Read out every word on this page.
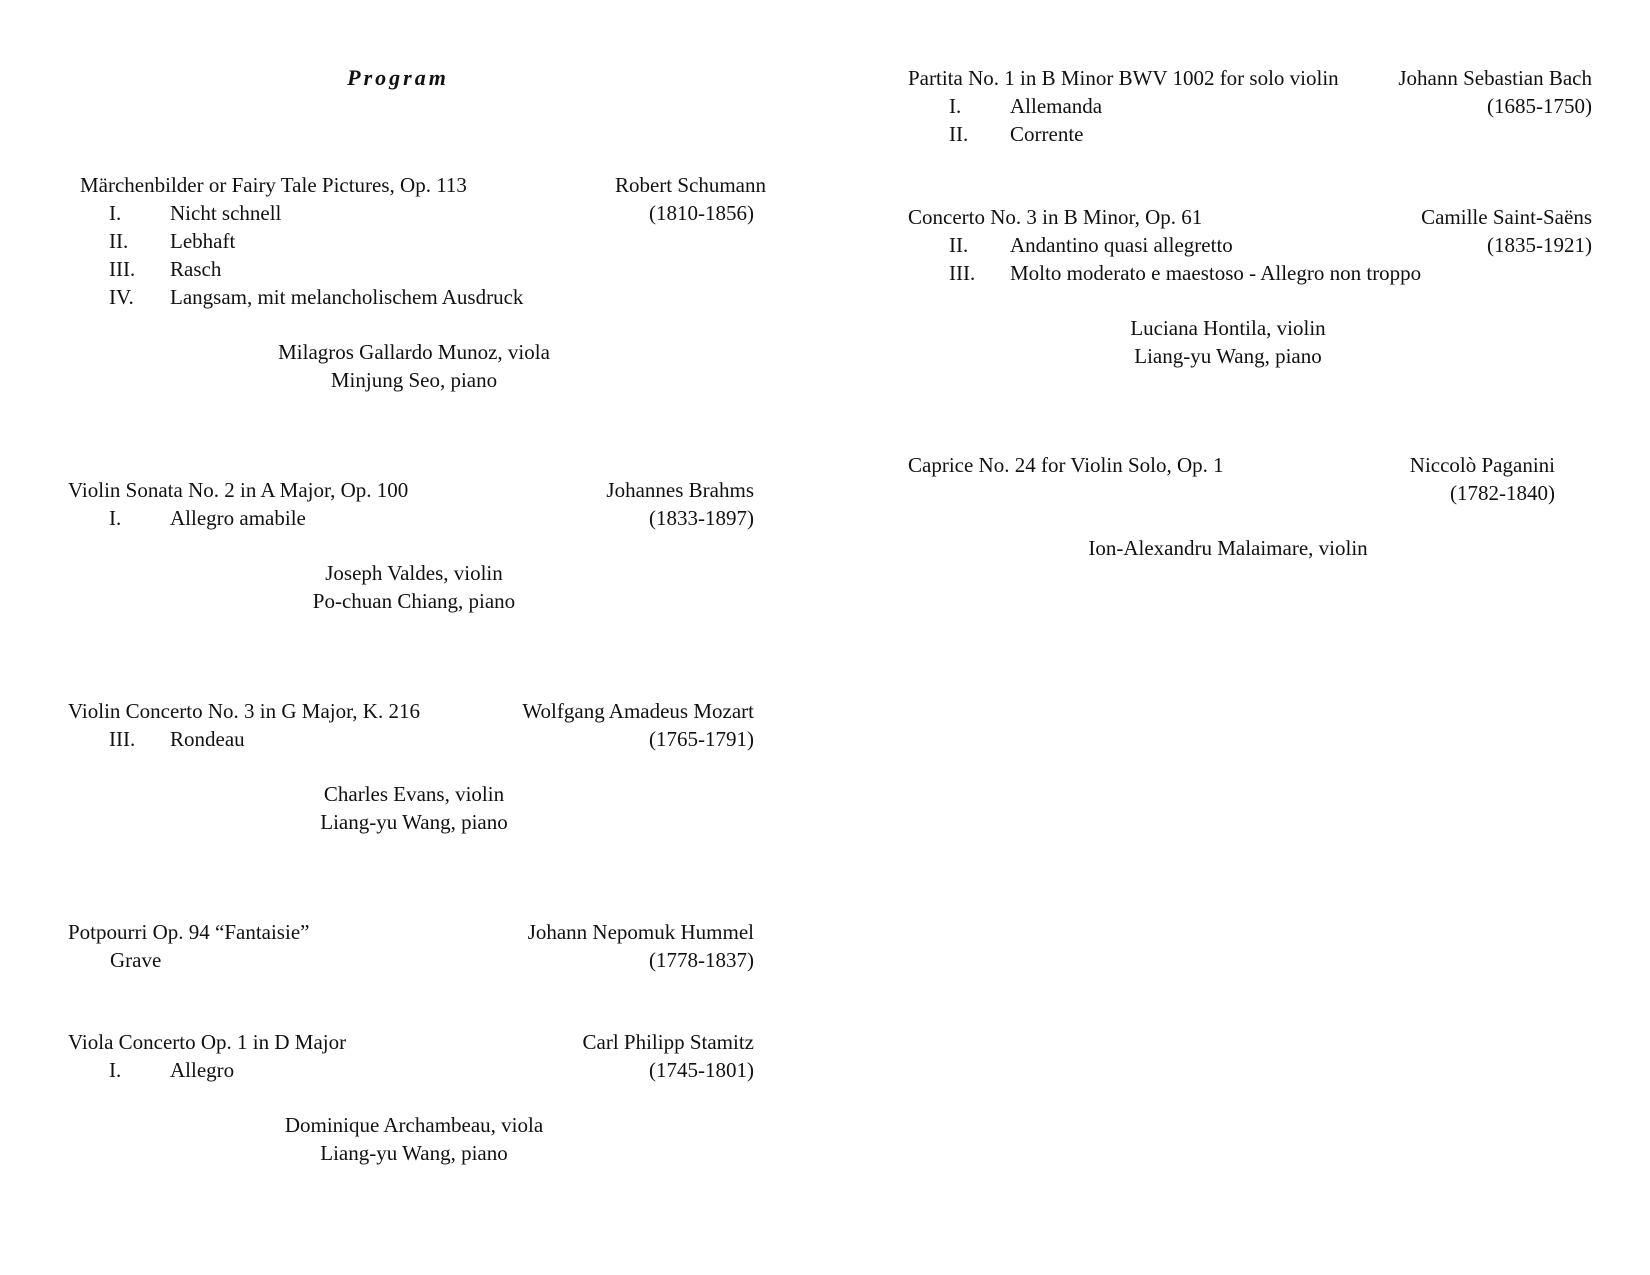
Program
Märchenbilder or Fairy Tale Pictures, Op. 113	Robert Schumann
(1810-1856)
I. Nicht schnell
II. Lebhaft
III. Rasch
IV. Langsam, mit melancholischem Ausdruck
Milagros Gallardo Munoz, viola
Minjung Seo, piano
Violin Sonata No. 2 in A Major, Op. 100	Johannes Brahms
(1833-1897)
I. Allegro amabile
Joseph Valdes, violin
Po-chuan Chiang, piano
Violin Concerto No. 3 in G Major, K. 216	Wolfgang Amadeus Mozart
(1765-1791)
III. Rondeau
Charles Evans, violin
Liang-yu Wang, piano
Potpourri Op. 94 “Fantaisie”	Johann Nepomuk Hummel
(1778-1837)
Grave
Viola Concerto Op. 1 in D Major	Carl Philipp Stamitz
(1745-1801)
I. Allegro
Dominique Archambeau, viola
Liang-yu Wang, piano
Partita No. 1 in B Minor BWV 1002 for solo violin	Johann Sebastian Bach
(1685-1750)
I. Allemanda
II. Corrente
Concerto No. 3 in B Minor, Op. 61	Camille Saint-Saëns
(1835-1921)
II. Andantino quasi allegretto
III. Molto moderato e maestoso - Allegro non troppo
Luciana Hontila, violin
Liang-yu Wang, piano
Caprice No. 24 for Violin Solo, Op. 1	Niccolò Paganini
(1782-1840)
Ion-Alexandru Malaimare, violin
